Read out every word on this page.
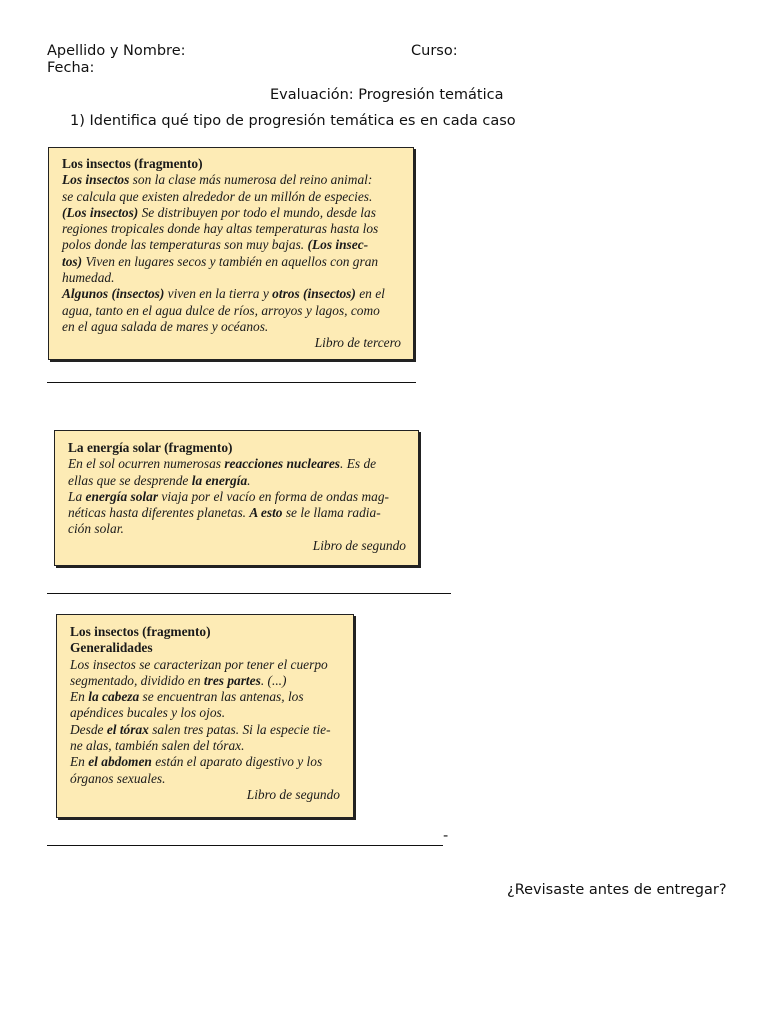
Apellido y Nombre:	Curso:
Fecha:
Evaluación: Progresión temática
1) Identifica qué tipo de progresión temática es en cada caso
Los insectos (fragmento)
Los insectos son la clase más numerosa del reino animal:
se calcula que existen alrededor de un millón de especies.
(Los insectos) Se distribuyen por todo el mundo, desde las
regiones tropicales donde hay altas temperaturas hasta los
polos donde las temperaturas son muy bajas. (Los insec-
tos) Viven en lugares secos y también en aquellos con gran
humedad.
Algunos (insectos) viven en la tierra y otros (insectos) en el
agua, tanto en el agua dulce de ríos, arroyos y lagos, como
en el agua salada de mares y océanos.
Libro de tercero
La energía solar (fragmento)
En el sol ocurren numerosas reacciones nucleares. Es de
ellas que se desprende la energía.
La energía solar viaja por el vacío en forma de ondas mag-
néticas hasta diferentes planetas. A esto se le llama radia-
ción solar.
Libro de segundo
Los insectos (fragmento)
Generalidades
Los insectos se caracterizan por tener el cuerpo
segmentado, dividido en tres partes. (...)
En la cabeza se encuentran las antenas, los
apéndices bucales y los ojos.
Desde el tórax salen tres patas. Si la especie tie-
ne alas, también salen del tórax.
En el abdomen están el aparato digestivo y los
órganos sexuales.
Libro de segundo
-
¿Revisaste antes de entregar?
